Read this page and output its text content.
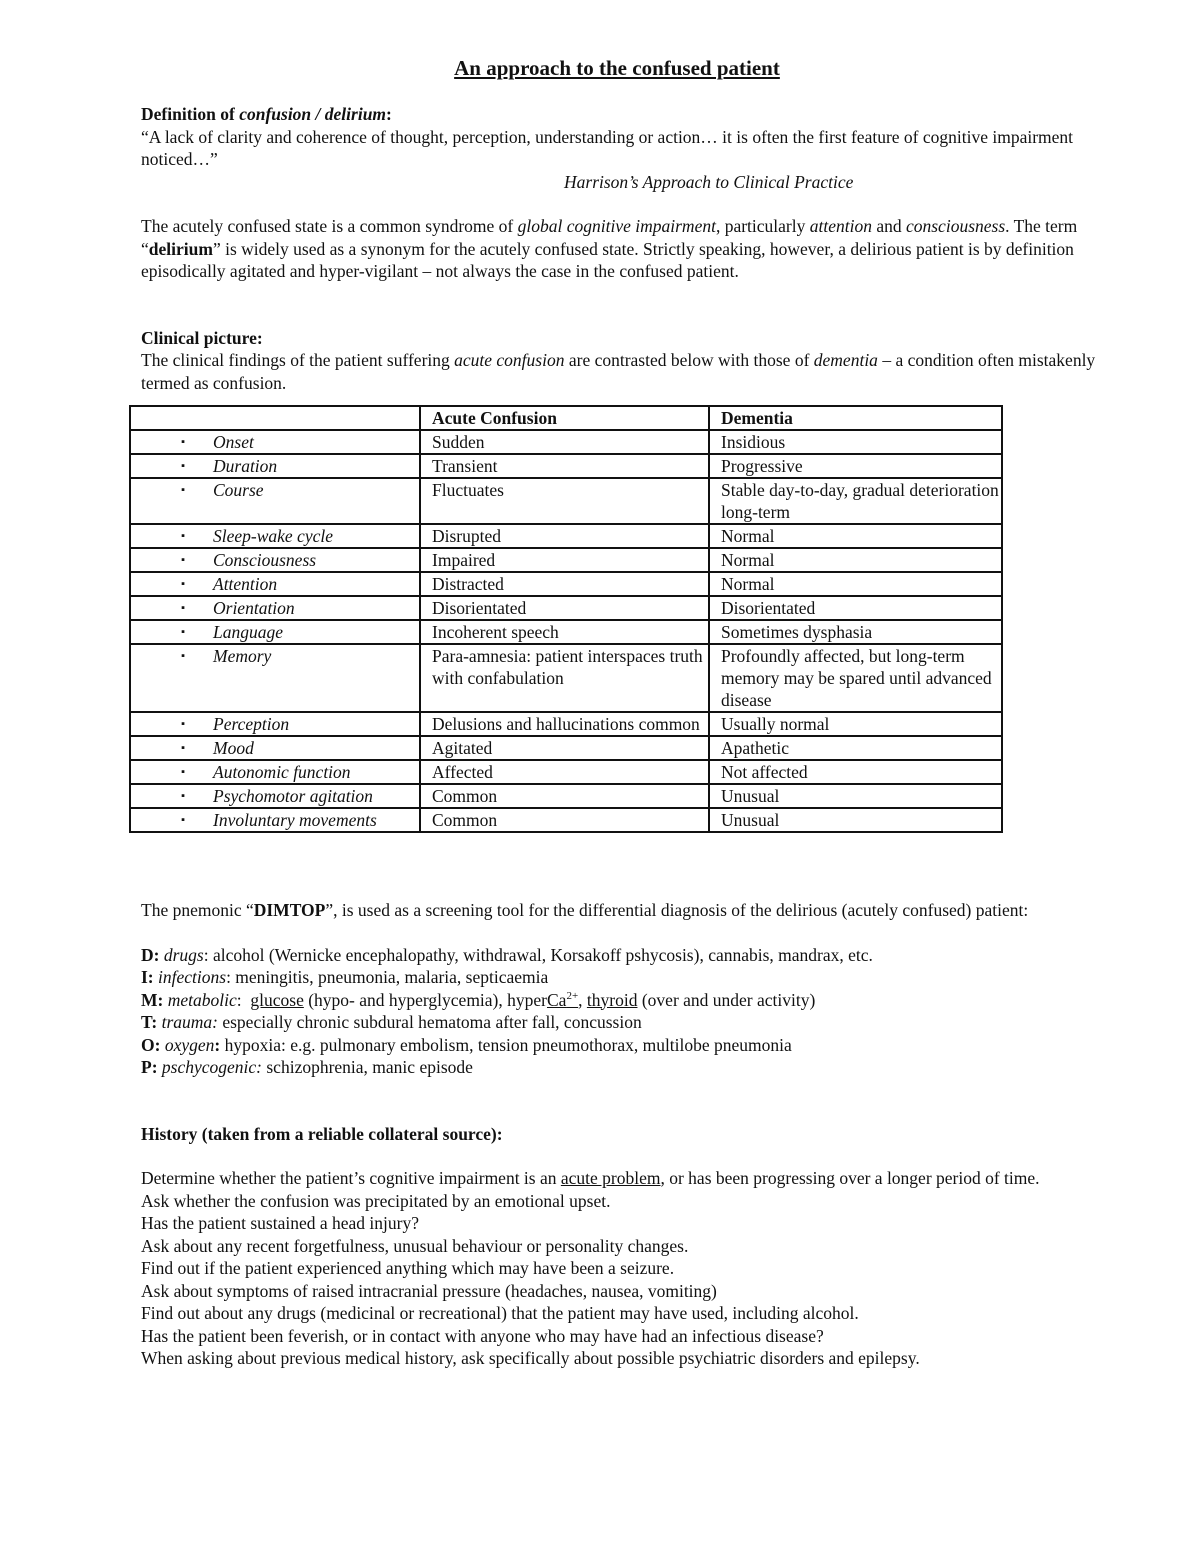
An approach to the confused patient

Definition of confusion / delirium:

“A lack of clarity and coherence of thought, perception, understanding or action… it is often the first feature of cognitive impairment noticed…”

Harrison’s Approach to Clinical Practice

The acutely confused state is a common syndrome of global cognitive impairment, particularly attention and consciousness. The term “delirium” is widely used as a synonym for the acutely confused state. Strictly speaking, however, a delirious patient is by definition episodically agitated and hyper-vigilant – not always the case in the confused patient.

Clinical picture:

The clinical findings of the patient suffering acute confusion are contrasted below with those of dementia – a condition often mistakenly termed as confusion.

	Acute Confusion	Dementia

▪ Onset	Sudden	Insidious

▪ Duration	Transient	Progressive

▪ Course	Fluctuates	Stable day-to-day, gradual deterioration long-term

▪ Sleep-wake cycle	Disrupted	Normal

▪ Consciousness	Impaired	Normal

▪ Attention	Distracted	Normal

▪ Orientation	Disorientated	Disorientated

▪ Language	Incoherent speech	Sometimes dysphasia

▪ Memory	Para-amnesia: patient interspaces truth with confabulation	Profoundly affected, but long-term memory may be spared until advanced disease

▪ Perception	Delusions and hallucinations common	Usually normal

▪ Mood	Agitated	Apathetic

▪ Autonomic function	Affected	Not affected

▪ Psychomotor agitation	Common	Unusual

▪ Involuntary movements	Common	Unusual

The pnemonic “DIMTOP”, is used as a screening tool for the differential diagnosis of the delirious (acutely confused) patient:

D: drugs: alcohol (Wernicke encephalopathy, withdrawal, Korsakoff pshycosis), cannabis, mandrax, etc.

I: infections: meningitis, pneumonia, malaria, septicaemia

M: metabolic:  glucose (hypo- and hyperglycemia), hyperCa$^{2+}$, thyroid (over and under activity)

T: trauma: especially chronic subdural hematoma after fall, concussion

O: oxygen: hypoxia: e.g. pulmonary embolism, tension pneumothorax, multilobe pneumonia

P: pschycogenic: schizophrenia, manic episode

History (taken from a reliable collateral source):

Determine whether the patient’s cognitive impairment is an acute problem, or has been progressing over a longer period of time.

Ask whether the confusion was precipitated by an emotional upset.

Has the patient sustained a head injury?

Ask about any recent forgetfulness, unusual behaviour or personality changes.

Find out if the patient experienced anything which may have been a seizure.

Ask about symptoms of raised intracranial pressure (headaches, nausea, vomiting)

Find out about any drugs (medicinal or recreational) that the patient may have used, including alcohol.

Has the patient been feverish, or in contact with anyone who may have had an infectious disease?

When asking about previous medical history, ask specifically about possible psychiatric disorders and epilepsy.
